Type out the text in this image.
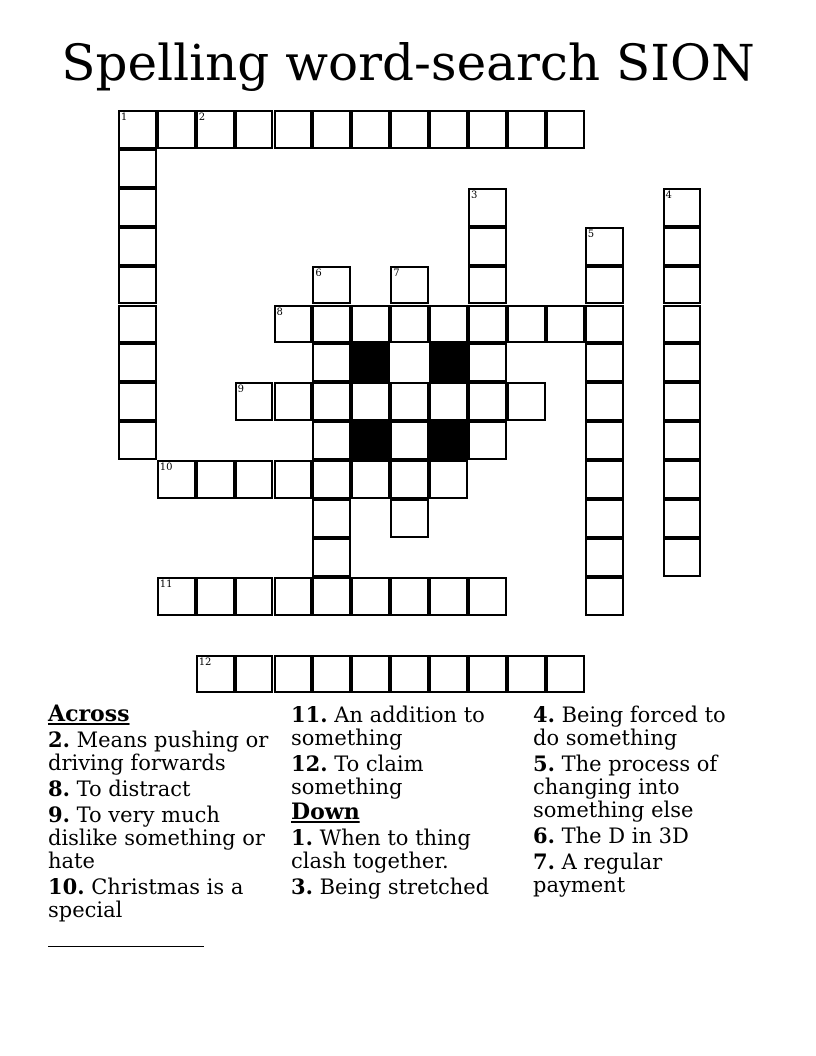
Spelling word-search SION
1	2
3	4
5
6	7
8
9
10
11
12
Across
2. Means pushing or driving forwards
8. To distract
9. To very much dislike something or hate
10. Christmas is a special
11. An addition to something
12. To claim something
Down
1. When to thing clash together.
3. Being stretched
4. Being forced to do something
5. The process of changing into something else
6. The D in 3D
7. A regular payment
